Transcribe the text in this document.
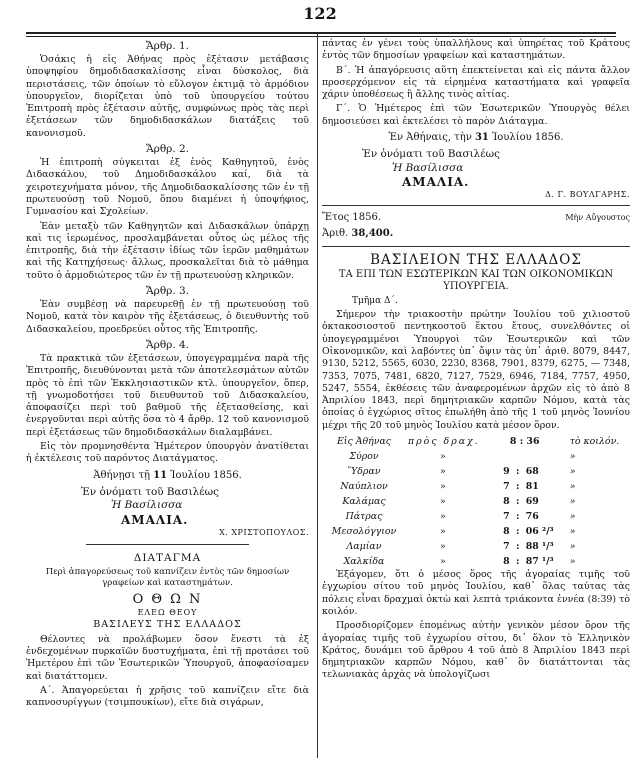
122
Ἄρθρ. 1.

Ὁσάκις ἡ εἰς Ἀθήνας πρὸς ἐξέτασιν μετάβασις ὑποψηφίου δημοδιδασκαλίσσης εἶναι δύσκολος, διὰ περιστάσεις, τῶν ὁποίων τὸ εὔλογον ἐκτιμᾷ τὸ ἁρμόδιον ὑπουργεῖον, διορίζεται ὑπὸ τοῦ ὑπουργείου τούτου Ἐπιτροπὴ πρὸς ἐξέτασιν αὐτῆς, συμφώνως πρὸς τὰς περὶ ἐξετάσεων τῶν δημοδιδασκάλων διατάξεις τοῦ κανονισμοῦ.

Ἄρθρ. 2.

Ἡ ἐπιτροπὴ σύγκειται ἐξ ἑνὸς Καθηγητοῦ, ἑνὸς Διδασκάλου, τοῦ Δημοδιδασκάλου καί, διὰ τὰ χειροτεχνήματα μόνον, τῆς Δημοδιδασκαλίσσης τῶν ἐν τῇ πρωτευούσῃ τοῦ Νομοῦ, ὅπου διαμένει ἡ ὑποψήφιος, Γυμνασίου καὶ Σχολείων.

Ἐὰν μεταξὺ τῶν Καθηγητῶν καὶ Διδασκάλων ὑπάρχῃ καὶ τις ἱερωμένος, προσλαμβάνεται οὗτος ὡς μέλος τῆς ἐπιτροπῆς, διὰ τὴν ἐξέτασιν ἰδίως τῶν ἱερῶν μαθημάτων καὶ τῆς Κατηχήσεως· ἄλλως, προσκαλεῖται διὰ τὸ μάθημα τοῦτο ὁ ἁρμοδιώτερος τῶν ἐν τῇ πρωτευούσῃ κληρικῶν.

Ἄρθρ. 3.

Ἐὰν συμβέσῃ νὰ παρευρεθῇ ἐν τῇ πρωτευούσῃ τοῦ Νομοῦ, κατὰ τὸν καιρὸν τῆς ἐξετάσεως, ὁ διευθυντὴς τοῦ Διδασκαλείου, προεδρεύει οὗτος τῆς Ἐπιτροπῆς.

Ἄρθρ. 4.

Τὰ πρακτικὰ τῶν ἐξετάσεων, ὑπογεγραμμένα παρὰ τῆς Ἐπιτροπῆς, διευθύνονται μετὰ τῶν ἀποτελεσμάτων αὐτῶν πρὸς τὸ ἐπὶ τῶν Ἐκκλησιαστικῶν κτλ. ὑπουργεῖον, ὅπερ, τῇ γνωμοδοτήσει τοῦ διευθυντοῦ τοῦ Διδασκαλείου, ἀποφασίζει περὶ τοῦ βαθμοῦ τῆς ἐξετασθείσης, καὶ ἐνεργοῦνται περὶ αὐτῆς ὅσα τὸ 4 ἄρθρ. 12 τοῦ κανονισμοῦ περὶ ἐξετάσεως τῶν δημοδιδασκάλων διαλαμβάνει.

Εἰς τὸν προμνησθέντα Ἡμέτερον ὑπουργὸν ἀνατίθεται ἡ ἐκτέλεσις τοῦ παρόντος Διατάγματος.

Ἀθήνῃσι τῇ 11 Ἰουλίου 1856.
Ἐν ὀνόματι τοῦ Βασιλέως
Ἡ Βασίλισσα
ΑΜΑΛΙΑ.
Χ. ΧΡΙΣΤΟΠΟΥΛΟΣ.
ΔΙΑΤΑΓΜΑ
Περὶ ἀπαγορεύσεως τοῦ καπνίζειν ἐντὸς τῶν δημοσίων γραφείων καὶ καταστημάτων.
Ο Θ Ω Ν
ΕΛΕΩ ΘΕΟΥ
ΒΑΣΙΛΕΥΣ ΤΗΣ ΕΛΛΑΔΟΣ

Θέλοντες νὰ προλάβωμεν ὅσον ἔνεστι τὰ ἐξ ἐνδεχομένων πυρκαϊῶν δυστυχήματα, ἐπὶ τῇ προτάσει τοῦ Ἡμετέρου ἐπὶ τῶν Ἐσωτερικῶν Ὑπουργοῦ, ἀποφασίσαμεν καὶ διατάττομεν.

Α΄. Ἀπαγορεύεται ἡ χρῆσις τοῦ καπνίζειν εἴτε διὰ καπνοσυρίγγων (τσιμπουκίων), εἴτε διὰ σιγάρων,

πάντας ἐν γένει τοὺς ὑπαλλήλους καὶ ὑπηρέτας τοῦ Κράτους ἐντὸς τῶν δημοσίων γραφείων καὶ καταστημάτων.

Β΄. Ἡ ἀπαγόρευσις αὕτη ἐπεκτείνεται καὶ εἰς πάντα ἄλλον προσερχόμενον εἰς τὰ εἰρημένα καταστήματα καὶ γραφεῖα χάριν ὑποθέσεως ἢ ἄλλης τινὸς αἰτίας.

Γ΄. Ὁ Ἡμέτερος ἐπὶ τῶν Ἐσωτερικῶν Ὑπουργὸς θέλει δημοσιεύσει καὶ ἐκτελέσει τὸ παρὸν Διάταγμα.

Ἐν Ἀθήναις, τὴν 31 Ἰουλίου 1856.
Ἐν ὀνόματι τοῦ Βασιλέως
Ἡ Βασίλισσα
ΑΜΑΛΙΑ.
Δ. Γ. ΒΟΥΛΓΑΡΗΣ.
Ἔτος 1856.	Μὴν Αὔγουστος
Ἀριθ.
38,400.
ΒΑΣΙΛΕΙΟΝ ΤΗΣ ΕΛΛΑΔΟΣ
ΤΑ ΕΠΙ ΤΩΝ ΕΣΩΤΕΡΙΚΩΝ ΚΑΙ ΤΩΝ ΟΙΚΟΝΟΜΙΚΩΝ ΥΠΟΥΡΓΕΙΑ.
Τμῆμα Δ΄.

Σήμερον τὴν τριακοστὴν πρώτην Ἰουλίου τοῦ χιλιοστοῦ ὀκτακοσιοστοῦ πεντηκοστοῦ ἕκτου ἔτους, συνελθόντες οἱ ὑπογεγραμμένοι Ὑπουργοὶ τῶν Ἐσωτερικῶν καὶ τῶν Οἰκονομικῶν, καὶ λαβόντες ὑπ᾽ ὄψιν τὰς ὑπ᾽ ἀριθ. 8079, 8447, 9130, 5212, 5565, 6030, 2230, 8368, 7901, 8379, 6275, — 7348, 7353, 7075, 7481, 6820, 7127, 7529, 6946, 7184, 7757, 4950, 5247, 5554, ἐκθέσεις τῶν ἀναφερομένων ἀρχῶν εἰς τὸ ἀπὸ 8 Ἀπριλίου 1843, περὶ δημητριακῶν καρπῶν Νόμου, κατὰ τὰς ὁποίας ὁ ἐγχώριος σῖτος ἐπωλήθη ἀπὸ τῆς 1 τοῦ μηνὸς Ἰουνίου μέχρι τῆς 20 τοῦ μηνὸς Ἰουλίου κατὰ μέσον ὅρον.

Εἰς Ἀθήνας	πρὸς δραχ.	8 : 36			τὸ κοιλόν.
Σύρον	»				»
Ὕδραν	»	9	:	68	»
Ναύπλιον	»	7	:	81	»
Καλάμας	»	8	:	69	»
Πάτρας	»	7	:	76	»
Μεσολόγγιον	»	8	:	06 ²/³	»
Λαμίαν	»	7	:	88 ¹/³	»
Χαλκίδα	»	8	:	87 ¹/³	»

Ἐξάγομεν, ὅτι ὁ μέσος ὅρος τῆς ἀγοραίας τιμῆς τοῦ ἐγχωρίου σίτου τοῦ μηνὸς Ἰουλίου, καθ᾽ ὅλας ταύτας τὰς πόλεις εἶναι δραχμαὶ ὀκτὼ καὶ λεπτὰ τριάκοντα ἐννέα (8:39) τὸ κοιλόν.

Προσδιορίζομεν ἑπομένως αὐτὴν γενικὸν μέσον ὅρον τῆς ἀγοραίας τιμῆς τοῦ ἐγχωρίου σίτου, δι᾽ ὅλον τὸ Ἑλληνικὸν Κράτος, δυνάμει τοῦ ἄρθρου 4 τοῦ ἀπὸ 8 Ἀπριλίου 1843 περὶ δημητριακῶν καρπῶν Νόμου, καθ᾽ ὃν διατάττονται τὰς τελωνιακὰς ἀρχὰς νὰ ὑπολογίζωσι
